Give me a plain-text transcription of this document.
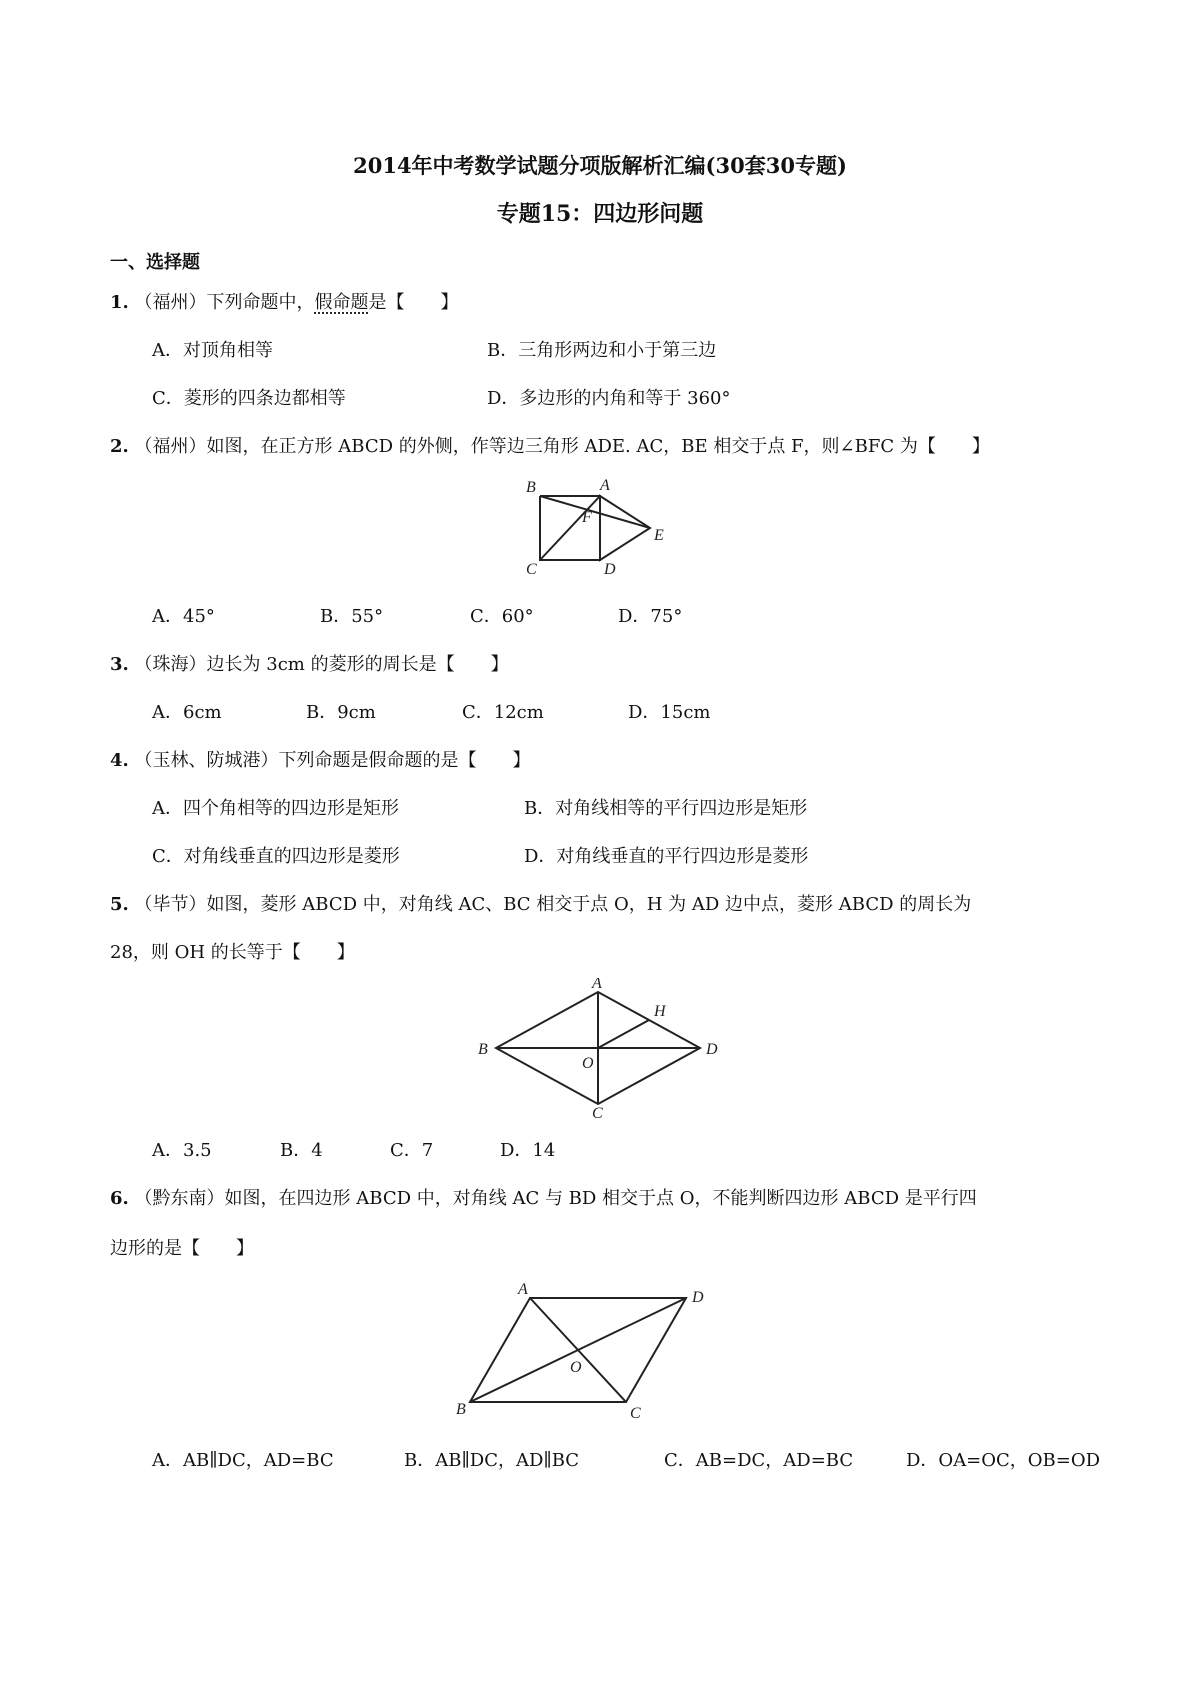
2014年中考数学试题分项版解析汇编(30套30专题)
专题15：四边形问题
一、选择题
1. （福州）下列命题中，假命题是【　　】
A．对顶角相等	B．三角形两边和小于第三边
C．菱形的四条边都相等	D．多边形的内角和等于 360°
2. （福州）如图，在正方形 ABCD 的外侧，作等边三角形 ADE. AC，BE 相交于点 F，则∠BFC 为【　　】
B	A
C	D
E
F
A．45°	B．55°	C．60°	D．75°
3. （珠海）边长为 3cm 的菱形的周长是【　　】
A．6cm	B．9cm	C．12cm	D．15cm
4. （玉林、防城港）下列命题是假命题的是【　　】
A．四个角相等的四边形是矩形	B．对角线相等的平行四边形是矩形
C．对角线垂直的四边形是菱形	D．对角线垂直的平行四边形是菱形
5. （毕节）如图，菱形 ABCD 中，对角线 AC、BC 相交于点 O，H 为 AD 边中点，菱形 ABCD 的周长为
28，则 OH 的长等于【　　】
A
B	D
C
H
O
A．3.5	B．4	C．7	D．14
6. （黔东南）如图，在四边形 ABCD 中，对角线 AC 与 BD 相交于点 O，不能判断四边形 ABCD 是平行四
边形的是【　　】
A	D
B	C
O
A．AB∥DC，AD=BC	B．AB∥DC，AD∥BC	C．AB=DC，AD=BC	D．OA=OC，OB=OD
